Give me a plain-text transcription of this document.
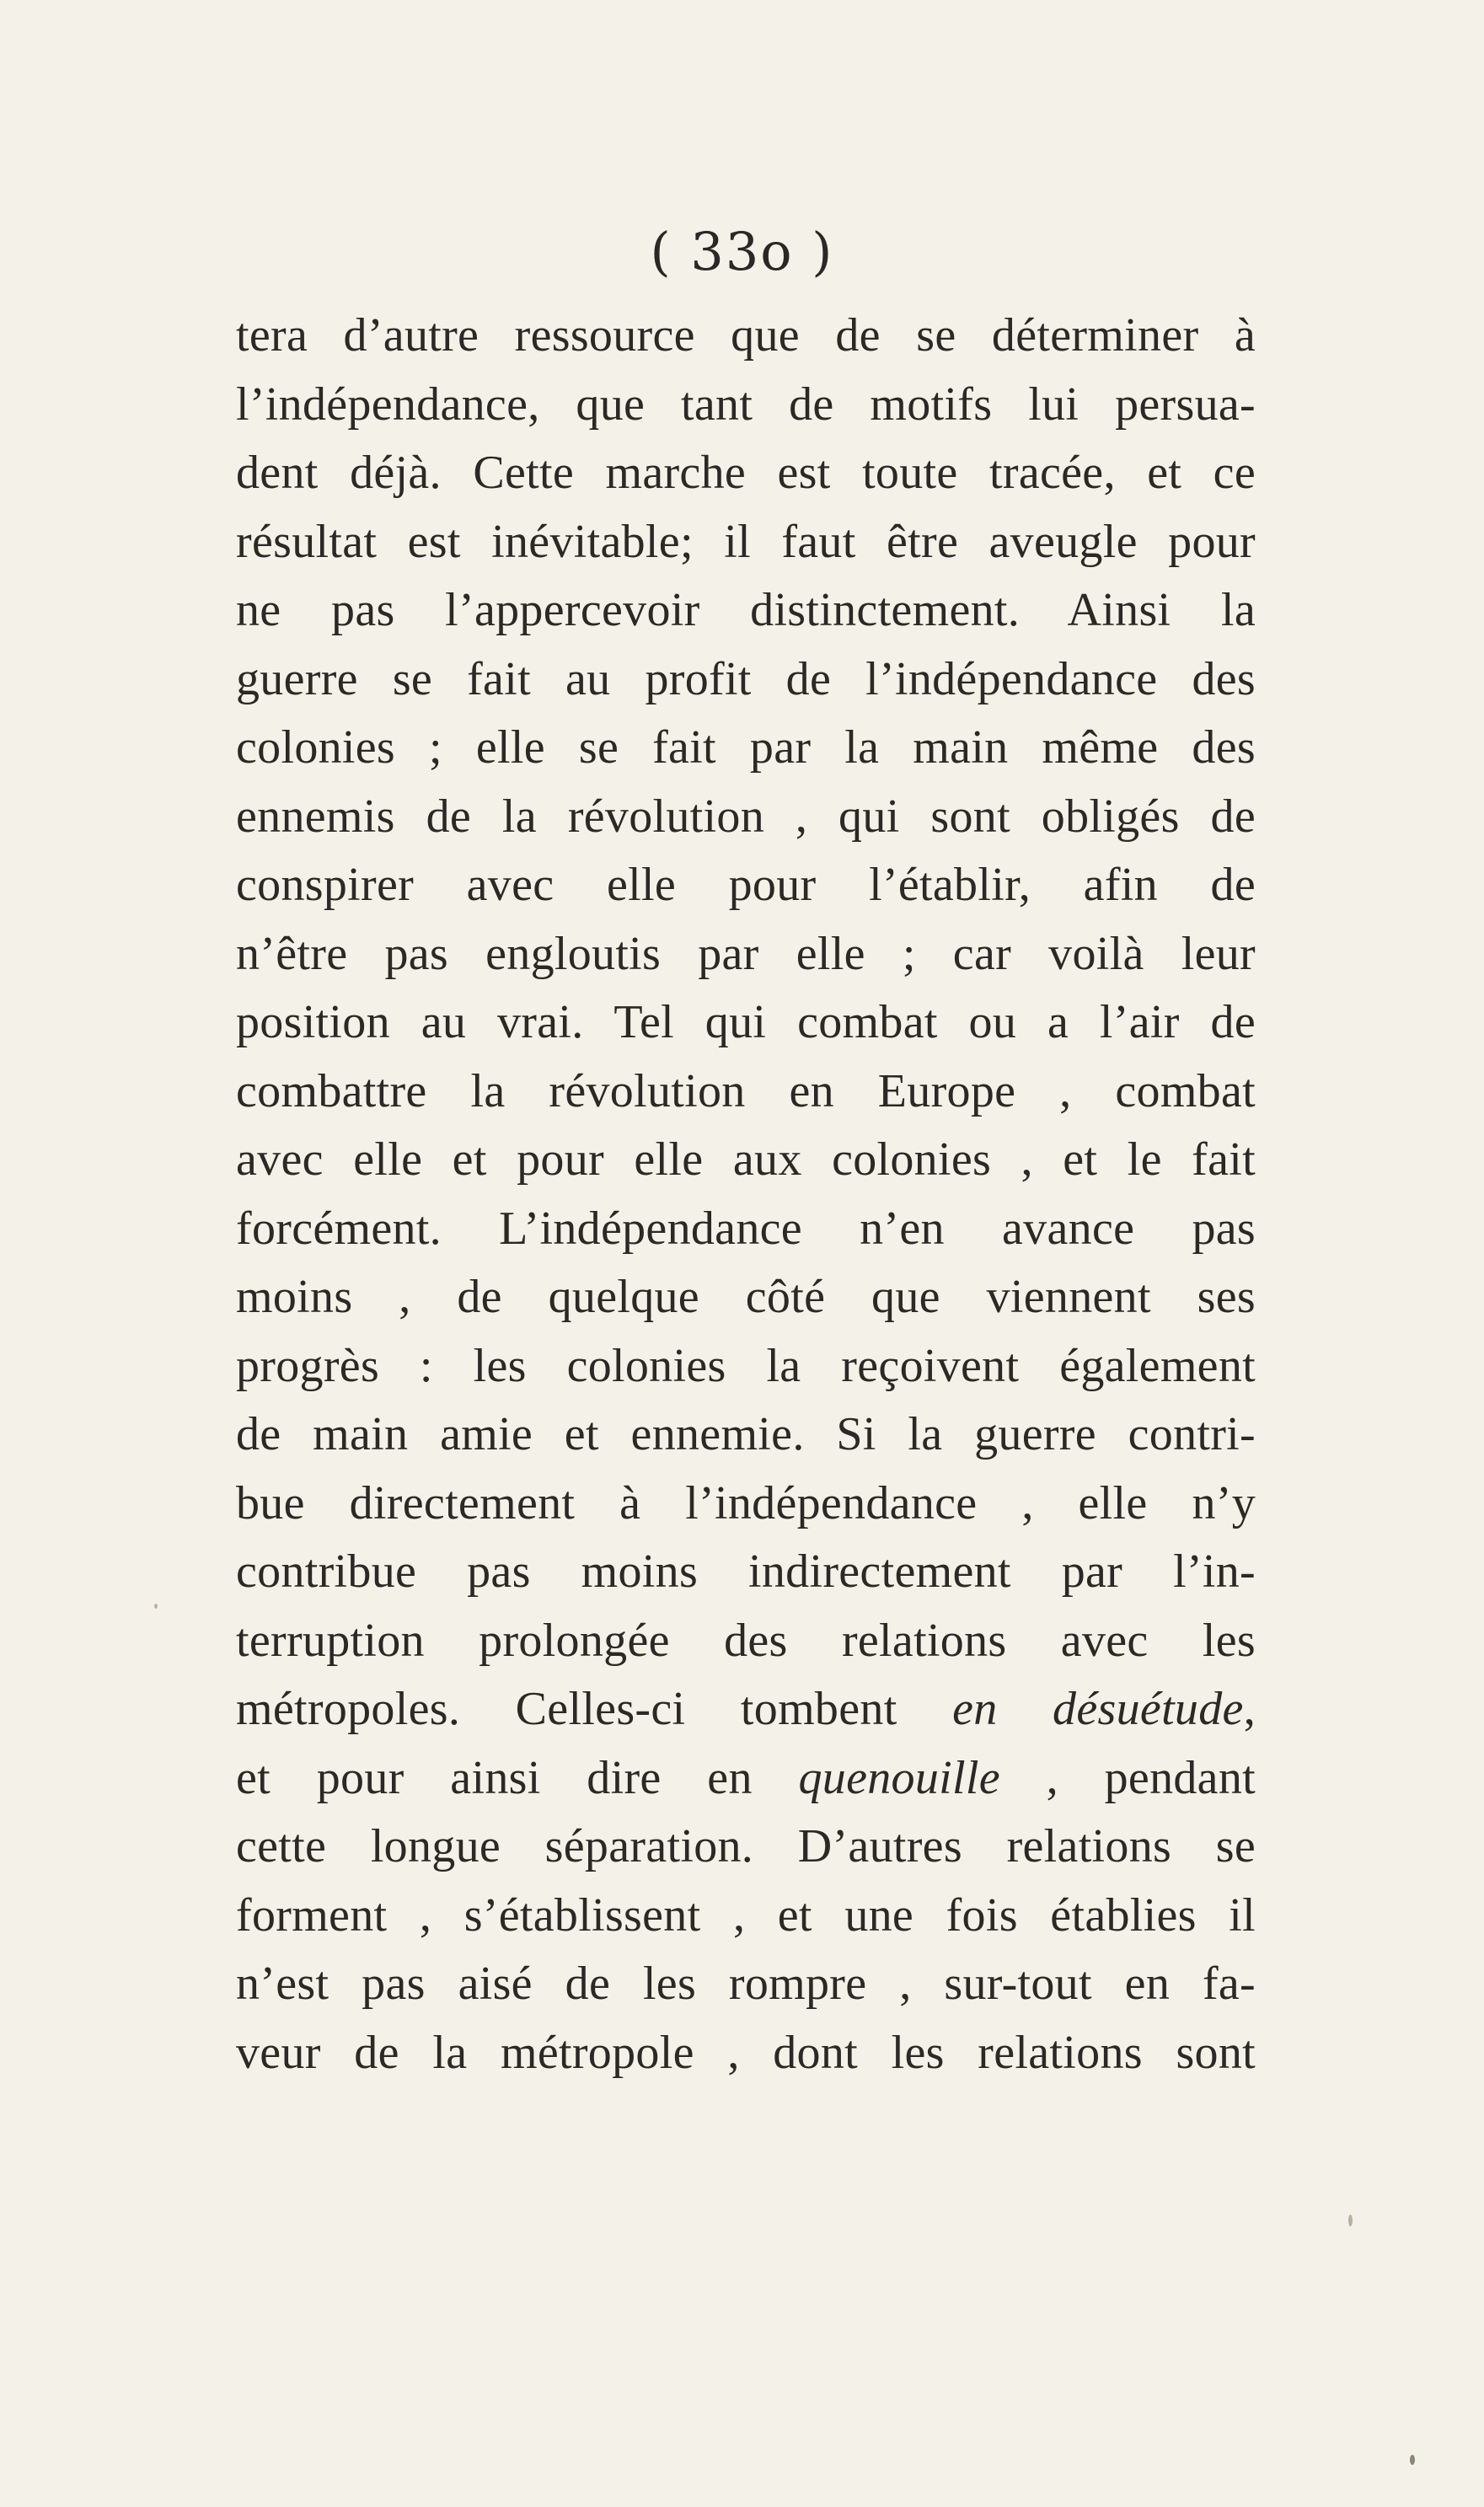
( 33o )
tera d’autre ressource que de se déterminer à
l’indépendance, que tant de motifs lui persua-
dent déjà. Cette marche est toute tracée, et ce
résultat est inévitable; il faut être aveugle pour
ne pas l’appercevoir distinctement. Ainsi la
guerre se fait au profit de l’indépendance des
colonies ; elle se fait par la main même des
ennemis de la révolution , qui sont obligés de
conspirer avec elle pour l’établir, afin de
n’être pas engloutis par elle ; car voilà leur
position au vrai. Tel qui combat ou a l’air de
combattre la révolution en Europe , combat
avec elle et pour elle aux colonies , et le fait
forcément. L’indépendance n’en avance pas
moins , de quelque côté que viennent ses
progrès : les colonies la reçoivent également
de main amie et ennemie. Si la guerre contri-
bue directement à l’indépendance , elle n’y
contribue pas moins indirectement par l’in-
terruption prolongée des relations avec les
métropoles. Celles-ci tombent en désuétude,
et pour ainsi dire en quenouille , pendant
cette longue séparation. D’autres relations se
forment , s’établissent , et une fois établies il
n’est pas aisé de les rompre , sur-tout en fa-
veur de la métropole , dont les relations sont
